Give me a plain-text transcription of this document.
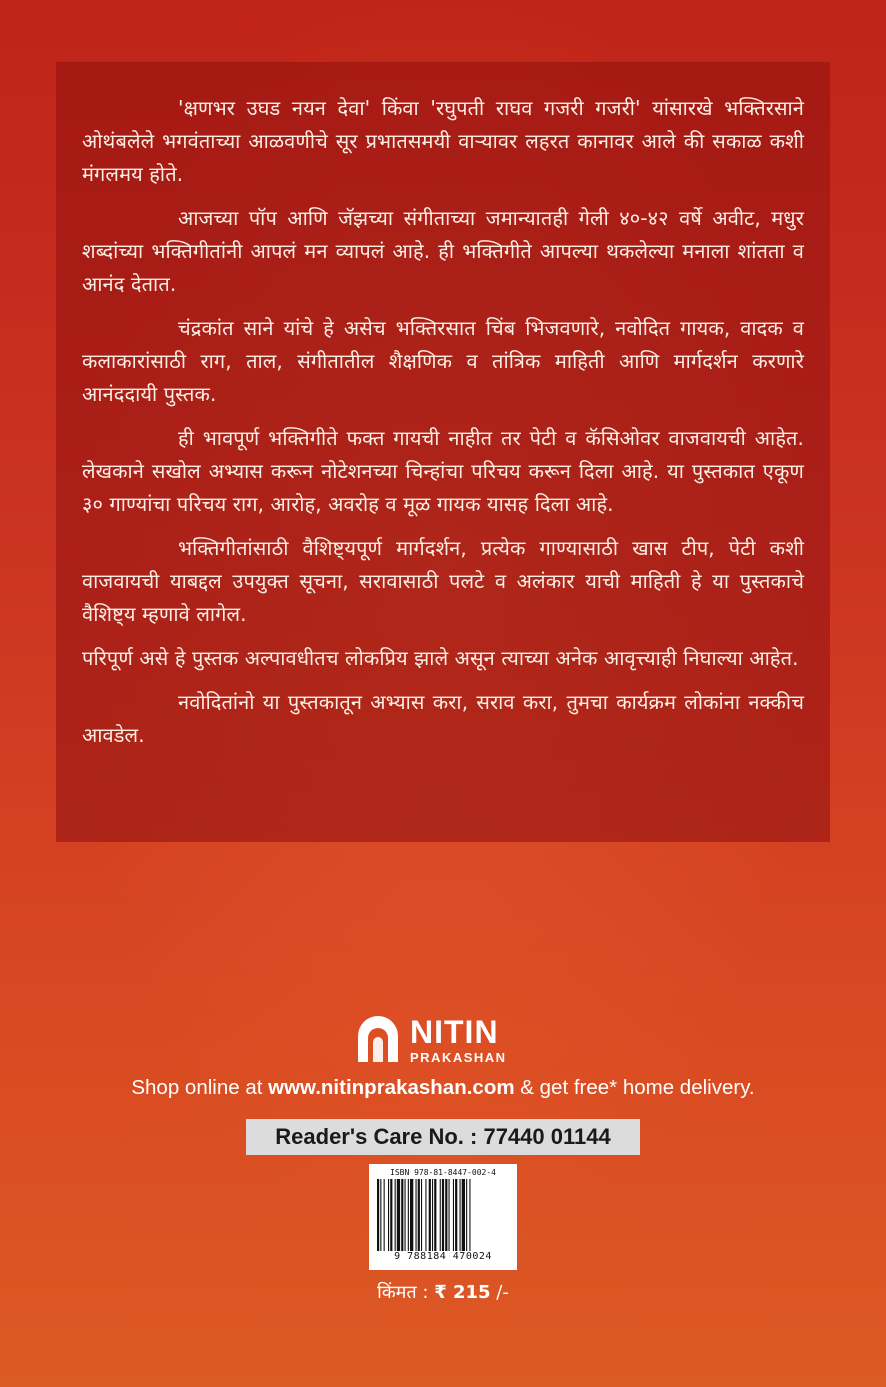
'क्षणभर उघड नयन देवा' किंवा 'रघुपती राघव गजरी गजरी' यांसारखे भक्तिरसाने ओथंबलेले भगवंताच्या आळवणीचे सूर प्रभातसमयी वाऱ्यावर लहरत कानावर आले की सकाळ कशी मंगलमय होते.

आजच्या पॉप आणि जॅझच्या संगीताच्या जमान्यातही गेली ४०-४२ वर्षे अवीट, मधुर शब्दांच्या भक्तिगीतांनी आपलं मन व्यापलं आहे. ही भक्तिगीते आपल्या थकलेल्या मनाला शांतता व आनंद देतात.

चंद्रकांत साने यांचे हे असेच भक्तिरसात चिंब भिजवणारे, नवोदित गायक, वादक व कलाकारांसाठी राग, ताल, संगीतातील शैक्षणिक व तांत्रिक माहिती आणि मार्गदर्शन करणारे आनंददायी पुस्तक.

ही भावपूर्ण भक्तिगीते फक्त गायची नाहीत तर पेटी व कॅसिओवर वाजवायची आहेत. लेखकाने सखोल अभ्यास करून नोटेशनच्या चिन्हांचा परिचय करून दिला आहे. या पुस्तकात एकूण ३० गाण्यांचा परिचय राग, आरोह, अवरोह व मूळ गायक यासह दिला आहे.

भक्तिगीतांसाठी वैशिष्ट्यपूर्ण मार्गदर्शन, प्रत्येक गाण्यासाठी खास टीप, पेटी कशी वाजवायची याबद्दल उपयुक्त सूचना, सरावासाठी पलटे व अलंकार याची माहिती हे या पुस्तकाचे वैशिष्ट्य म्हणावे लागेल.

परिपूर्ण असे हे पुस्तक अल्पावधीतच लोकप्रिय झाले असून त्याच्या अनेक आवृत्त्याही निघाल्या आहेत.

नवोदितांनो या पुस्तकातून अभ्यास करा, सराव करा, तुमचा कार्यक्रम लोकांना नक्कीच आवडेल.

NITIN
PRAKASHAN
Shop online at www.nitinprakashan.com & get free* home delivery.
Reader's Care No. : 77440 01144
ISBN 978-81-8447-002-4
9 788184 470024
किंमत : ₹ 215 /-
